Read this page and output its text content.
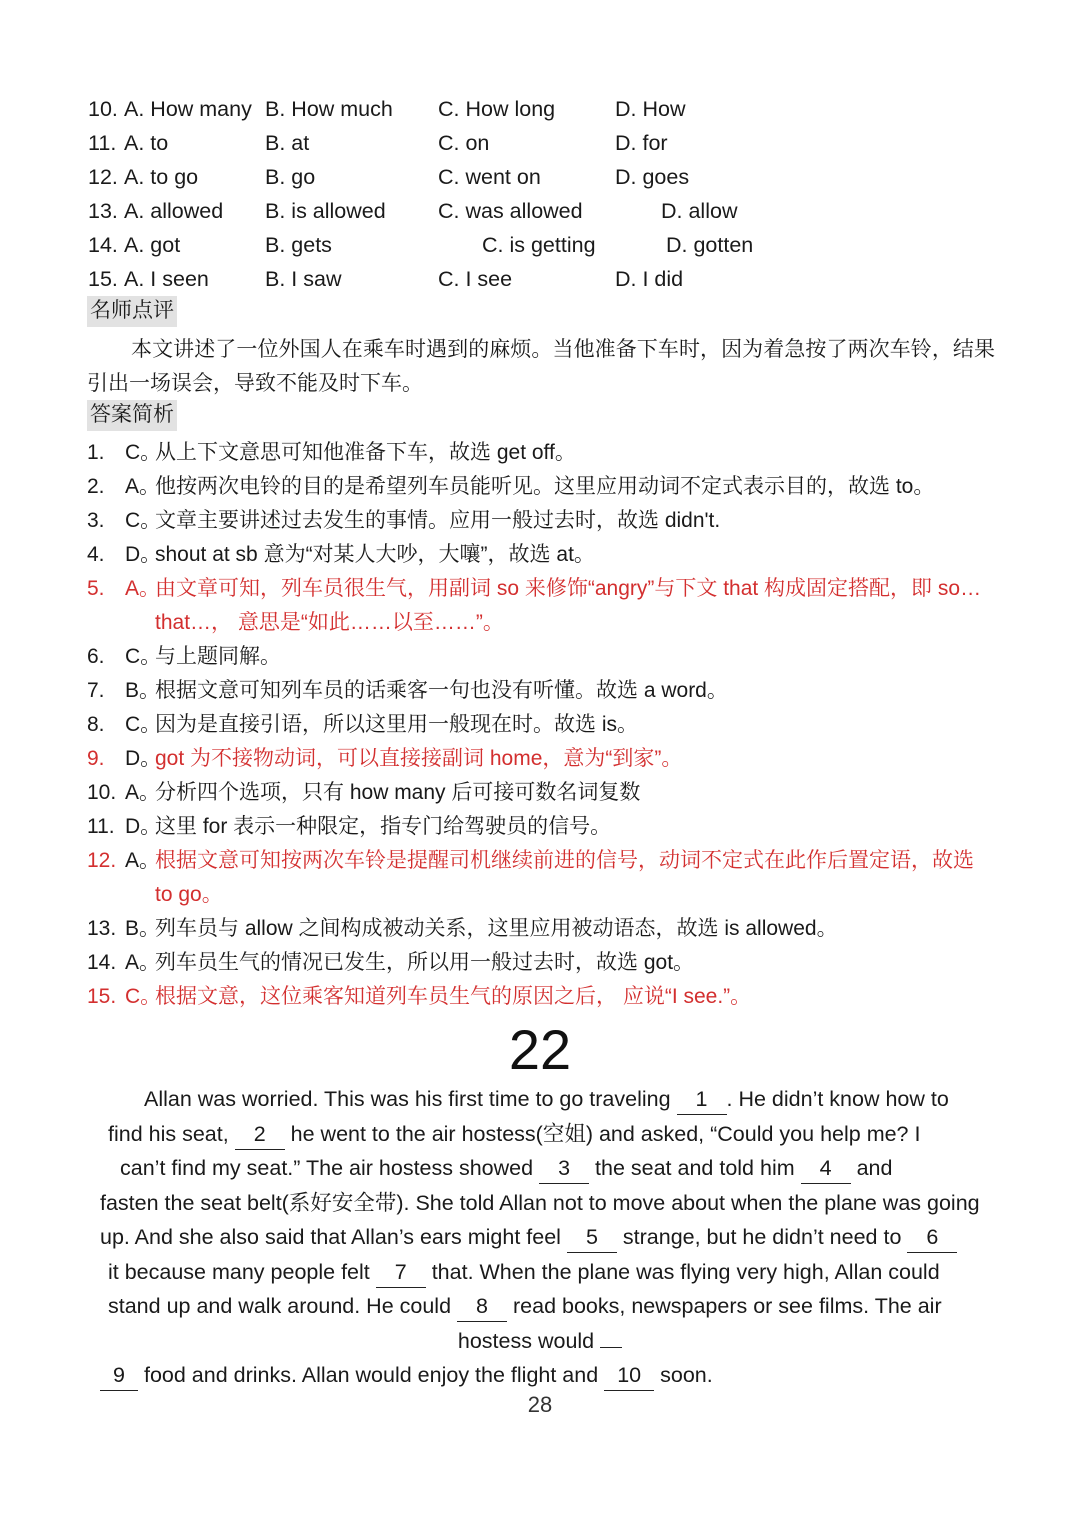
10. A. How many B. How much C. How long	D. How
11. A. to	B. at	C. on	D. for
12. A. to go	B. go	C. went on	D. goes
13. A. allowed B. is allowed C. was allowed	D. allow
14. A. got	B. gets	C. is getting	D. gotten
15. A. I seen	B. I saw	C. I see	D. I did
名师点评
本文讲述了一位外国人在乘车时遇到的麻烦。当他准备下车时，因为着急按了两次车铃，结果引出一场误会，导致不能及时下车。
答案简析
1. C。
从上下文意思可知他准备下车，故选 get off。
2. A。
他按两次电铃的目的是希望列车员能听见。这里应用动词不定式表示目的，故选 to。
3. C。
文章主要讲述过去发生的事情。应用一般过去时，故选 didn't.
4. D。
shout at sb 意为“对某人大吵，大嚷”，故选 at。
5. A。
由文章可知，列车员很生气，用副词 so 来修饰“angry”与下文 that 构成固定搭配，即 so…that…， 意思是“如此……以至……”。
6. C。
与上题同解。
7. B。
根据文意可知列车员的话乘客一句也没有听懂。故选 a word。
8. C。
因为是直接引语，所以这里用一般现在时。故选 is。
9. D。
got 为不接物动词，可以直接接副词 home，意为“到家”。
10. A。
分析四个选项，只有 how many 后可接可数名词复数
11. D。
这里 for 表示一种限定，指专门给驾驶员的信号。
12. A。
根据文意可知按两次车铃是提醒司机继续前进的信号，动词不定式在此作后置定语，故选 to go。
13. B。
列车员与 allow 之间构成被动关系，这里应用被动语态，故选 is allowed。
14. A。
列车员生气的情况已发生，所以用一般过去时，故选 got。
15. C。
根据文意，这位乘客知道列车员生气的原因之后， 应说“I see.”。
22

Allan was worried. This was his first time to go traveling 1 . He didn’t know how to
find his seat, 2 he went to the air hostess(空姐) and asked, “Could you help me? I
can’t find my seat.” The air hostess showed 3 the seat and told him 4 and
fasten the seat belt(系好安全带). She told Allan not to move about when the plane was going
up. And she also said that Allan’s ears might feel 5 strange, but he didn’t need to 6
it because many people felt 7 that. When the plane was flying very high, Allan could
stand up and walk around. He could 8 read books, newspapers or see films. The air
hostess would
9 food and drinks. Allan would enjoy the flight and 10 soon.

28
